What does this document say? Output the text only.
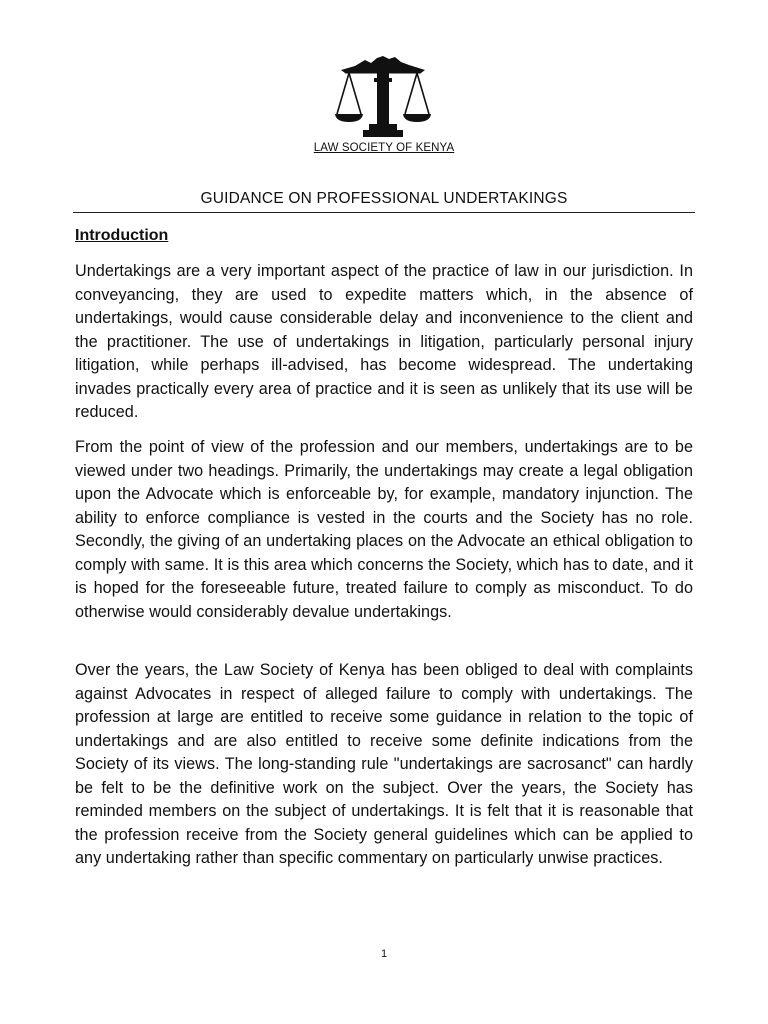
LAW SOCIETY OF KENYA
GUIDANCE ON PROFESSIONAL UNDERTAKINGS
Introduction

Undertakings are a very important aspect of the practice of law in our jurisdiction. In conveyancing, they are used to expedite matters which, in the absence of undertakings, would cause considerable delay and inconvenience to the client and the practitioner. The use of undertakings in litigation, particularly personal injury litigation, while perhaps ill-advised, has become widespread. The undertaking invades practically every area of practice and it is seen as unlikely that its use will be reduced.

From the point of view of the profession and our members, undertakings are to be viewed under two headings. Primarily, the undertakings may create a legal obligation upon the Advocate which is enforceable by, for example, mandatory injunction. The ability to enforce compliance is vested in the courts and the Society has no role. Secondly, the giving of an undertaking places on the Advocate an ethical obligation to comply with same. It is this area which concerns the Society, which has to date, and it is hoped for the foreseeable future, treated failure to comply as misconduct. To do otherwise would considerably devalue undertakings.

Over the years, the Law Society of Kenya has been obliged to deal with complaints against Advocates in respect of alleged failure to comply with undertakings. The profession at large are entitled to receive some guidance in relation to the topic of undertakings and are also entitled to receive some definite indications from the Society of its views. The long-standing rule "undertakings are sacrosanct" can hardly be felt to be the definitive work on the subject. Over the years, the Society has reminded members on the subject of undertakings. It is felt that it is reasonable that the profession receive from the Society general guidelines which can be applied to any undertaking rather than specific commentary on particularly unwise practices.

1
